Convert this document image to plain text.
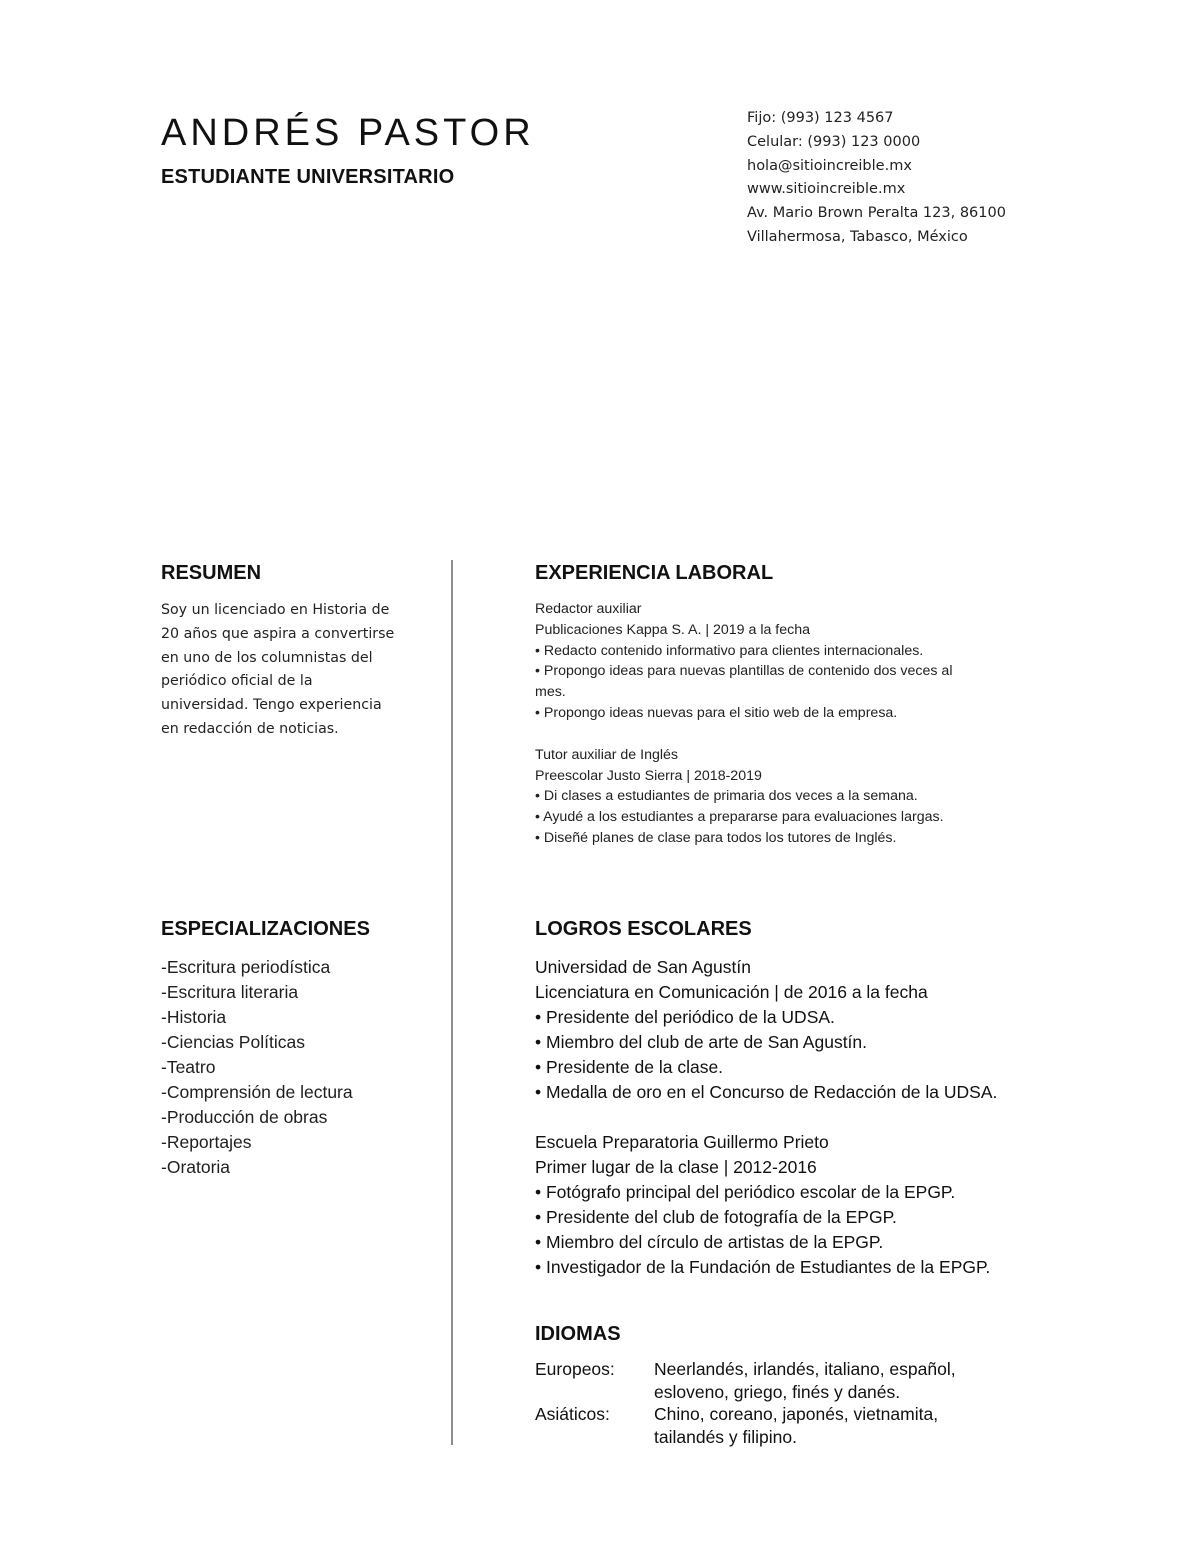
ANDRÉS PASTOR
ESTUDIANTE UNIVERSITARIO
Fijo: (993) 123 4567
Celular: (993) 123 0000
hola@sitioincreible.mx
www.sitioincreible.mx
Av. Mario Brown Peralta 123, 86100
Villahermosa, Tabasco, México
RESUMEN
Soy un licenciado en Historia de
20 años que aspira a convertirse
en uno de los columnistas del
periódico oficial de la
universidad. Tengo experiencia
en redacción de noticias.
EXPERIENCIA LABORAL
Redactor auxiliar
Publicaciones Kappa S. A. | 2019 a la fecha
• Redacto contenido informativo para clientes internacionales.
• Propongo ideas para nuevas plantillas de contenido dos veces al
mes.
• Propongo ideas nuevas para el sitio web de la empresa.
Tutor auxiliar de Inglés
Preescolar Justo Sierra | 2018-2019
• Di clases a estudiantes de primaria dos veces a la semana.
• Ayudé a los estudiantes a prepararse para evaluaciones largas.
• Diseñé planes de clase para todos los tutores de Inglés.
ESPECIALIZACIONES
-Escritura periodística
-Escritura literaria
-Historia
-Ciencias Políticas
-Teatro
-Comprensión de lectura
-Producción de obras
-Reportajes
-Oratoria
LOGROS ESCOLARES
Universidad de San Agustín
Licenciatura en Comunicación | de 2016 a la fecha
• Presidente del periódico de la UDSA.
• Miembro del club de arte de San Agustín.
• Presidente de la clase.
• Medalla de oro en el Concurso de Redacción de la UDSA.
Escuela Preparatoria Guillermo Prieto
Primer lugar de la clase | 2012-2016
• Fotógrafo principal del periódico escolar de la EPGP.
• Presidente del club de fotografía de la EPGP.
• Miembro del círculo de artistas de la EPGP.
• Investigador de la Fundación de Estudiantes de la EPGP.
IDIOMAS
Europeos:	Neerlandés, irlandés, italiano, español, esloveno, griego, finés y danés.
Asiáticos:	Chino, coreano, japonés, vietnamita, tailandés y filipino.
